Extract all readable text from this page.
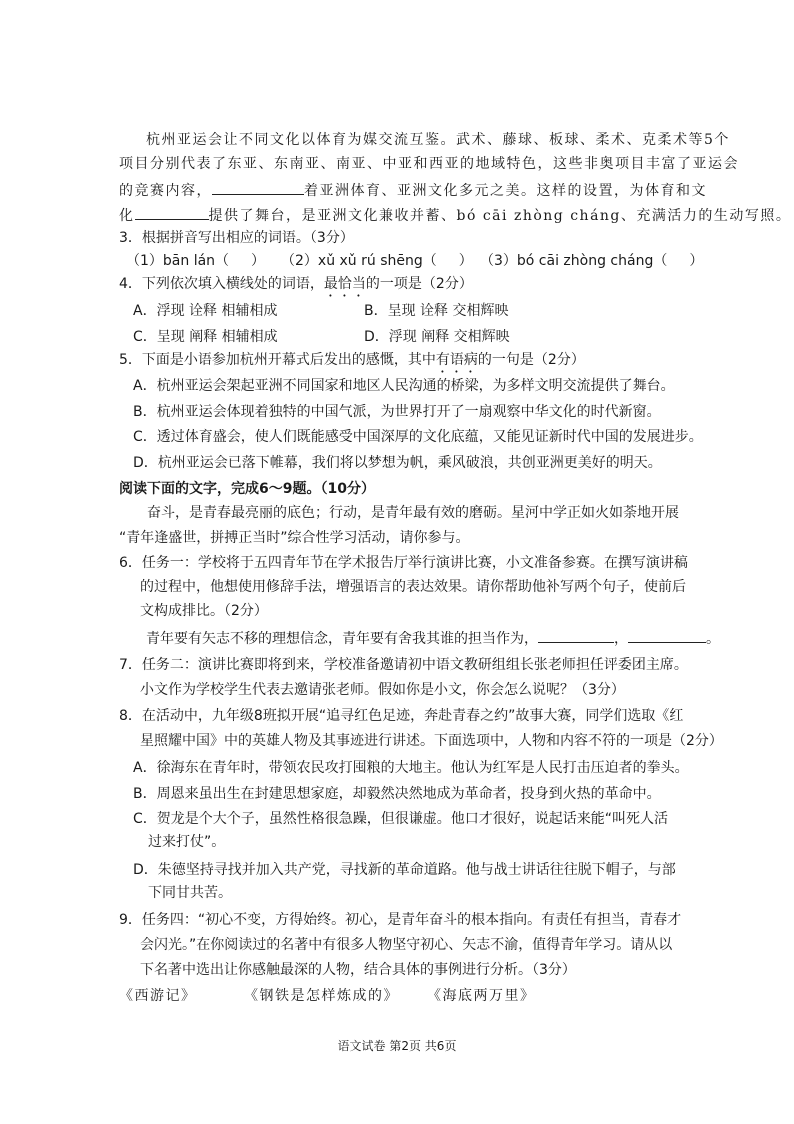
杭州亚运会让不同文化以体育为媒交流互鉴。武术、藤球、板球、柔术、克柔术等5个
项目分别代表了东亚、东南亚、南亚、中亚和西亚的地域特色，这些非奥项目丰富了亚运会
的竞赛内容，	着亚洲体育、亚洲文化多元之美。这样的设置，为体育和文
化	提供了舞台，是亚洲文化兼收并蓄、bó cāi zhòng cháng、充满活力的生动写照。
3．根据拼音写出相应的词语。（3分）
（1）bān lán（ ） （2）xǔ xǔ rú shēng（ ） （3）bó cāi zhòng cháng（ ）
4．下列依次填入横线处的词语，最恰当的一项是（2分）
A．浮现 诠释 相辅相成	B．呈现 诠释 交相辉映
C．呈现 阐释 相辅相成	D．浮现 阐释 交相辉映
5．下面是小语参加杭州开幕式后发出的感慨，其中有语病的一句是（2分）
A．杭州亚运会架起亚洲不同国家和地区人民沟通的桥梁，为多样文明交流提供了舞台。
B．杭州亚运会体现着独特的中国气派，为世界打开了一扇观察中华文化的时代新窗。
C．透过体育盛会，使人们既能感受中国深厚的文化底蕴，又能见证新时代中国的发展进步。
D．杭州亚运会已落下帷幕，我们将以梦想为帆，乘风破浪，共创亚洲更美好的明天。
阅读下面的文字，完成6～9题。（10分）
奋斗，是青春最亮丽的底色；行动，是青年最有效的磨砺。星河中学正如火如荼地开展
“青年逢盛世，拼搏正当时”综合性学习活动，请你参与。
6．任务一：学校将于五四青年节在学术报告厅举行演讲比赛，小文准备参赛。在撰写演讲稿
的过程中，他想使用修辞手法，增强语言的表达效果。请你帮助他补写两个句子，使前后
文构成排比。（2分）
青年要有矢志不移的理想信念，青年要有舍我其谁的担当作为，	，	。
7．任务二：演讲比赛即将到来，学校准备邀请初中语文教研组组长张老师担任评委团主席。
小文作为学校学生代表去邀请张老师。假如你是小文，你会怎么说呢？（3分）
8．在活动中，九年级8班拟开展“追寻红色足迹，奔赴青春之约”故事大赛，同学们选取《红
星照耀中国》中的英雄人物及其事迹进行讲述。下面选项中，人物和内容不符的一项是（2分）
A．徐海东在青年时，带领农民攻打囤粮的大地主。他认为红军是人民打击压迫者的拳头。
B．周恩来虽出生在封建思想家庭，却毅然决然地成为革命者，投身到火热的革命中。
C．贺龙是个大个子，虽然性格很急躁，但很谦虚。他口才很好，说起话来能“叫死人活
过来打仗”。
D．朱德坚持寻找并加入共产党，寻找新的革命道路。他与战士讲话往往脱下帽子，与部
下同甘共苦。
9．任务四：“初心不变，方得始终。初心，是青年奋斗的根本指向。有责任有担当，青春才
会闪光。”在你阅读过的名著中有很多人物坚守初心、矢志不渝，值得青年学习。请从以
下名著中选出让你感触最深的人物，结合具体的事例进行分析。（3分）
《西游记》	《钢铁是怎样炼成的》 《海底两万里》
语文试卷 第2页 共6页
